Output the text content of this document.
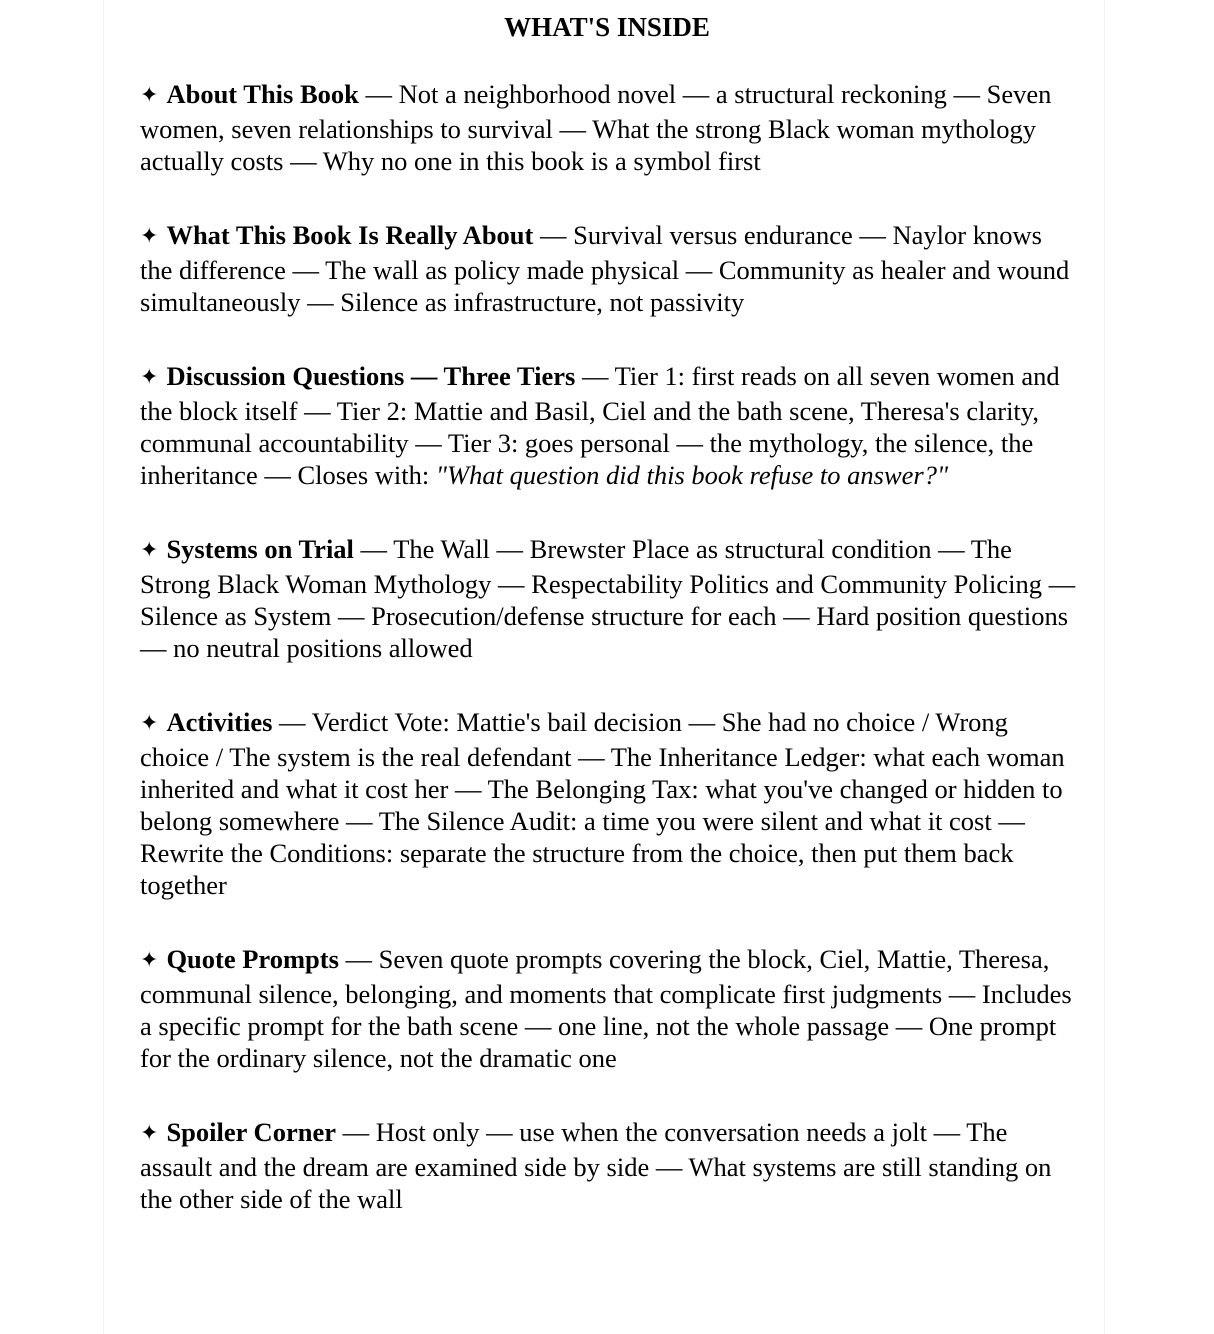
WHAT'S INSIDE

✦ About This Book — Not a neighborhood novel — a structural reckoning — Seven women, seven relationships to survival — What the strong Black woman mythology actually costs — Why no one in this book is a symbol first

✦ What This Book Is Really About — Survival versus endurance — Naylor knows the difference — The wall as policy made physical — Community as healer and wound simultaneously — Silence as infrastructure, not passivity

✦ Discussion Questions — Three Tiers — Tier 1: first reads on all seven women and the block itself — Tier 2: Mattie and Basil, Ciel and the bath scene, Theresa's clarity, communal accountability — Tier 3: goes personal — the mythology, the silence, the inheritance — Closes with: "What question did this book refuse to answer?"

✦ Systems on Trial — The Wall — Brewster Place as structural condition — The Strong Black Woman Mythology — Respectability Politics and Community Policing — Silence as System — Prosecution/defense structure for each — Hard position questions — no neutral positions allowed

✦ Activities — Verdict Vote: Mattie's bail decision — She had no choice / Wrong choice / The system is the real defendant — The Inheritance Ledger: what each woman inherited and what it cost her — The Belonging Tax: what you've changed or hidden to belong somewhere — The Silence Audit: a time you were silent and what it cost — Rewrite the Conditions: separate the structure from the choice, then put them back together

✦ Quote Prompts — Seven quote prompts covering the block, Ciel, Mattie, Theresa, communal silence, belonging, and moments that complicate first judgments — Includes a specific prompt for the bath scene — one line, not the whole passage — One prompt for the ordinary silence, not the dramatic one

✦ Spoiler Corner — Host only — use when the conversation needs a jolt — The assault and the dream are examined side by side — What systems are still standing on the other side of the wall
